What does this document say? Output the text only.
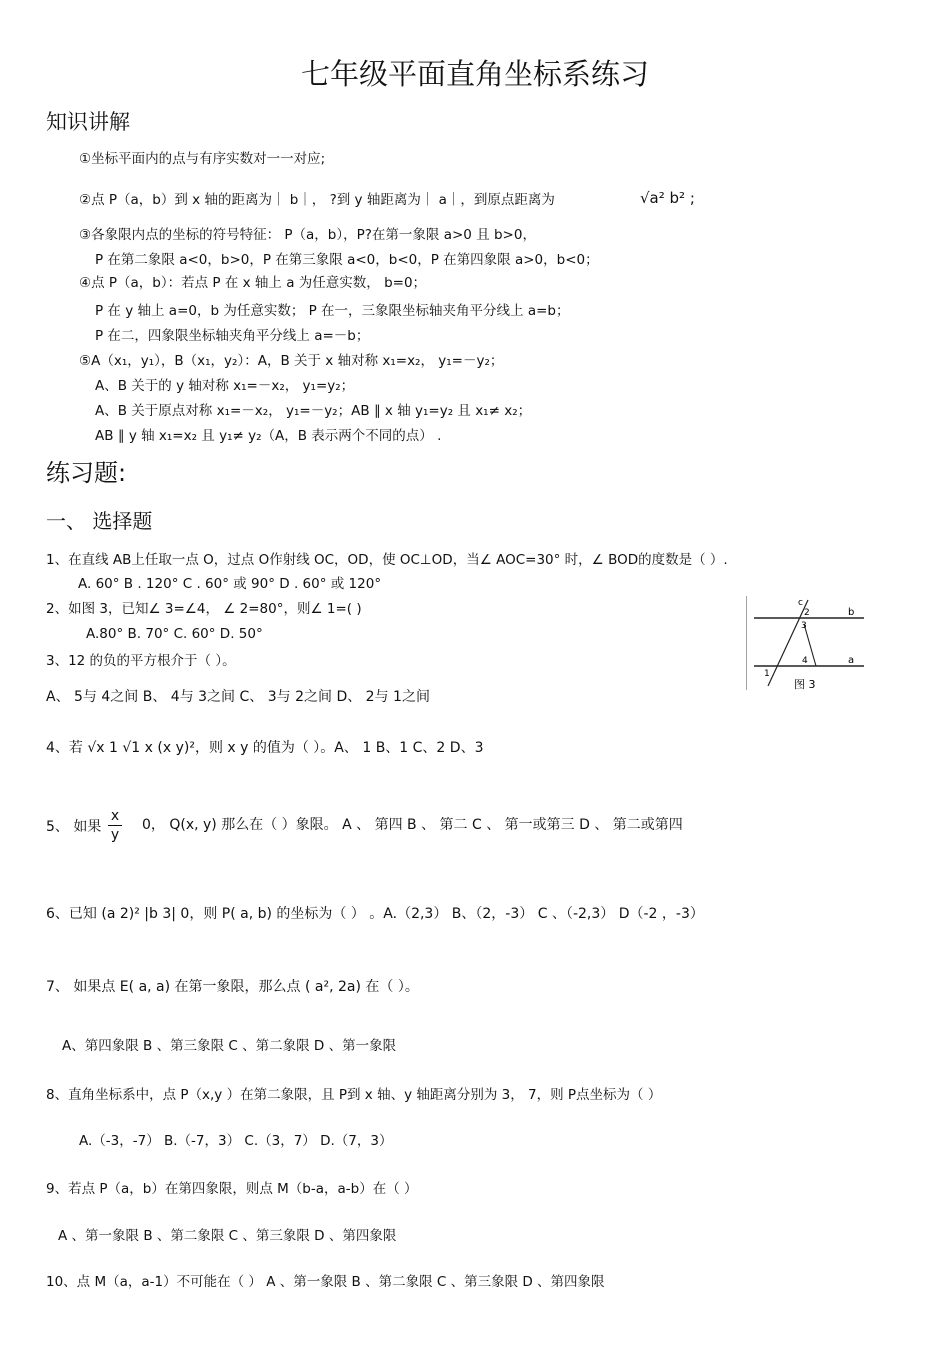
七年级平面直角坐标系练习
知识讲解
①坐标平面内的点与有序实数对一一对应;
②点 P（a，b）到 x 轴的距离为｜ b｜， ?到 y 轴距离为｜ a｜，到原点距离为	√a² b² ;
③各象限内点的坐标的符号特征： P（a，b），P?在第一象限 a>0 且 b>0，
P 在第二象限 a<0，b>0，P 在第三象限 a<0，b<0，P 在第四象限 a>0，b<0；
④点 P（a，b）：若点 P 在 x 轴上 a 为任意实数， b=0；
P 在 y 轴上 a=0，b 为任意实数； P 在一，三象限坐标轴夹角平分线上 a=b；
P 在二，四象限坐标轴夹角平分线上 a=－b；
⑤A（x₁，y₁），B（x₁，y₂）：A，B 关于 x 轴对称 x₁=x₂， y₁=－y₂；
A、B 关于的 y 轴对称 x₁=－x₂， y₁=y₂；
A、B 关于原点对称 x₁=－x₂， y₁=－y₂；AB ∥ x 轴 y₁=y₂ 且 x₁≠ x₂；
AB ∥ y 轴 x₁=x₂ 且 y₁≠ y₂（A，B 表示两个不同的点） .
练习题:
一、 选择题
1、在直线 AB上任取一点 O，过点 O作射线 OC，OD，使 OC⊥OD，当∠ AOC=30° 时，∠ BOD的度数是（ ）.
A. 60° B . 120° C . 60° 或 90° D . 60° 或 120°
2、如图 3，已知∠ 3=∠4， ∠ 2=80°，则∠ 1=( )
A.80° B. 70° C. 60° D. 50°
3、12 的负的平方根介于（ ）。
A、 5与 4之间 B、 4与 3之间 C、 3与 2之间 D、 2与 1之间
4、若 √x 1 √1 x (x y)²，则 x y 的值为（ ）。A、 1 B、1 C、2 D、3
5、 如果
x
y
0， Q(x, y) 那么在（ ）象限。 A 、 第四 B 、 第二 C 、 第一或第三 D 、 第二或第四
6、已知 (a 2)² |b 3| 0，则 P( a, b) 的坐标为（ ） 。A.（2,3） B、（2，-3） C 、（-2,3） D（-2 ，-3）
7、 如果点 E( a, a) 在第一象限，那么点 ( a², 2a) 在（ ）。
A、第四象限 B 、第三象限 C 、第二象限 D 、第一象限
8、直角坐标系中，点 P（x,y ）在第二象限，且 P到 x 轴、y 轴距离分别为 3， 7，则 P点坐标为（ ）
A.（-3，-7） B.（-7，3） C.（3，7） D.（7，3）
9、若点 P（a，b）在第四象限，则点 M（b-a，a-b）在（ ）
A 、第一象限 B 、第二象限 C 、第三象限 D 、第四象限
10、点 M（a，a-1）不可能在（ ） A 、第一象限 B 、第二象限 C 、第三象限 D 、第四象限
c
2	b
3
4	a
1
图 3
